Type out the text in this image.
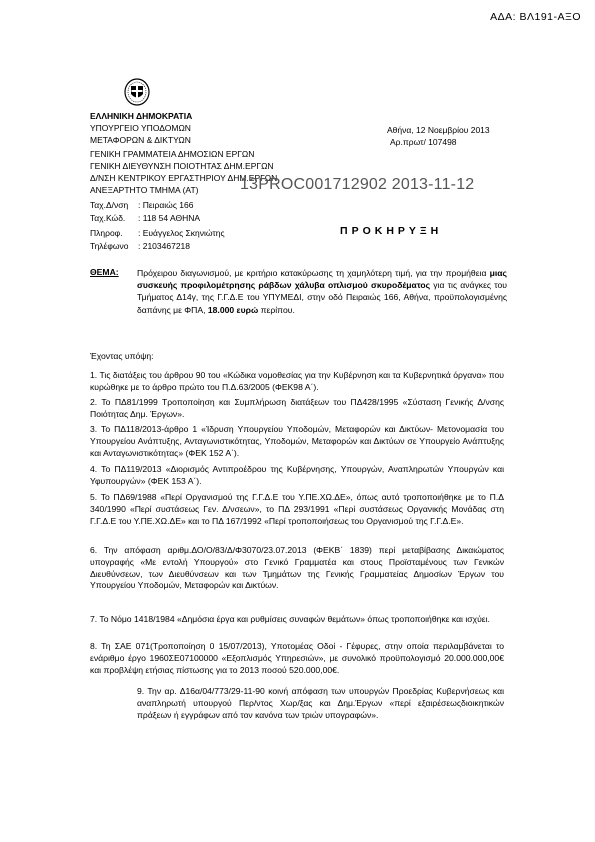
ΑΔΑ: ΒΛ191-ΑΞΟ
ΕΛΛΗΝΙΚΗ ΔΗΜΟΚΡΑΤΙΑ
ΥΠΟΥΡΓΕΙΟ ΥΠΟΔΟΜΩΝ
ΜΕΤΑΦΟΡΩΝ & ΔΙΚΤΥΩΝ
ΓΕΝΙΚΗ ΓΡΑΜΜΑΤΕΙΑ ΔΗΜΟΣΙΩΝ ΕΡΓΩΝ
ΓΕΝΙΚΗ ΔΙΕΥΘΥΝΣΗ ΠΟΙΟΤΗΤΑΣ ΔΗΜ.ΕΡΓΩΝ
Δ/ΝΣΗ ΚΕΝΤΡΙΚΟΥ ΕΡΓΑΣΤΗΡΙΟΥ ΔΗΜ.ΕΡΓΩΝ
ΑΝΕΞΑΡΤΗΤΟ ΤΜΗΜΑ (ΑΤ)
Αθήνα, 12 Νοεμβρίου 2013
Αρ.πρωτ/ 107498
13PROC001712902 2013-11-12
Ταχ.Δ/νση : Πειραιώς 166
Ταχ.Κώδ. : 118 54 ΑΘΗΝΑ
Πληροφ. : Ευάγγελος Σκηνιώτης
Τηλέφωνο : 2103467218
ΠΡΟΚΗΡΥΞΗ
ΘΕΜΑ: Πρόχειρου διαγωνισμού, με κριτήριο κατακύρωσης τη χαμηλότερη τιμή, για την προμήθεια μιας συσκευής προφιλομέτρησης ράβδων χάλυβα οπλισμού σκυροδέματος για τις ανάγκες του Τμήματος Δ14γ, της Γ.Γ.Δ.Ε του ΥΠΥΜΕΔΙ, στην οδό Πειραιώς 166, Αθήνα, προϋπολογισμένης δαπάνης με ΦΠΑ, 18.000 ευρώ περίπου.
Έχοντας υπόψη:
1. Τις διατάξεις του άρθρου 90 του «Κώδικα νομοθεσίας για την Κυβέρνηση και τα Κυβερνητικά όργανα» που κυρώθηκε με το άρθρο πρώτο του Π.Δ.63/2005 (ΦΕΚ98 Α΄).
2. Το ΠΔ81/1999 Τροποποίηση και Συμπλήρωση διατάξεων του ΠΔ428/1995 «Σύσταση Γενικής Δ/νσης Ποιότητας Δημ. Έργων».
3. Το ΠΔ118/2013-άρθρο 1 «Ίδρυση Υπουργείου Υποδομών, Μεταφορών και Δικτύων- Μετονομασία του Υπουργείου Ανάπτυξης, Ανταγωνιστικότητας, Υποδομών, Μεταφορών και Δικτύων σε Υπουργείο Ανάπτυξης και Ανταγωνιστικότητας» (ΦΕΚ 152 Α΄).
4. Το ΠΔ119/2013 «Διορισμός Αντιπροέδρου της Κυβέρνησης, Υπουργών, Αναπληρωτών Υπουργών και Υφυπουργών» (ΦΕΚ 153 Α΄).
5. Το ΠΔ69/1988 «Περί Οργανισμού της Γ.Γ.Δ.Ε του Υ.ΠΕ.ΧΩ.ΔΕ», όπως αυτό τροποποιήθηκε με το Π.Δ 340/1990 «Περί συστάσεως Γεν. Δ/νσεων», το ΠΔ 293/1991 «Περί συστάσεως Οργανικής Μονάδας στη Γ.Γ.Δ.Ε του Υ.ΠΕ.ΧΩ.ΔΕ» και το ΠΔ 167/1992 «Περί τροποποιήσεως του Οργανισμού της Γ.Γ.Δ.Ε».
6. Την απόφαση αριθμ.ΔΟ/Ο/83/Δ/Φ3070/23.07.2013 (ΦΕΚΒ΄ 1839) περί μεταβίβασης Δικαιώματος υπογραφής «Με εντολή Υπουργού» στο Γενικό Γραμματέα και στους Προϊσταμένους των Γενικών Διευθύνσεων, των Διευθύνσεων και των Τμημάτων της Γενικής Γραμματείας Δημοσίων Έργων του Υπουργείου Υποδομών, Μεταφορών και Δικτύων.
7. Το Νόμο 1418/1984 «Δημόσια έργα και ρυθμίσεις συναφών θεμάτων» όπως τροποποιήθηκε και ισχύει.
8. Τη ΣΑΕ 071(Τροποποίηση 0 15/07/2013), Υποτομέας Οδοί - Γέφυρες, στην οποία περιλαμβάνεται το ενάριθμο έργο 1960ΣΕ07100000 «Εξοπλισμός Υπηρεσιών», με συνολικό προϋπολογισμό 20.000.000,00€ και προβλέψη ετήσιας πίστωσης για το 2013 ποσού 520.000,00€.
9. Την αρ. Δ16α/04/773/29-11-90 κοινή απόφαση των υπουργών Προεδρίας Κυβερνήσεως και αναπληρωτή υπουργού Περ/ντος Χωρ/ξας και Δημ.Έργων «περί εξαιρέσεωςδιοικητικών πράξεων ή εγγράφων από τον κανόνα των τριών υπογραφών».
